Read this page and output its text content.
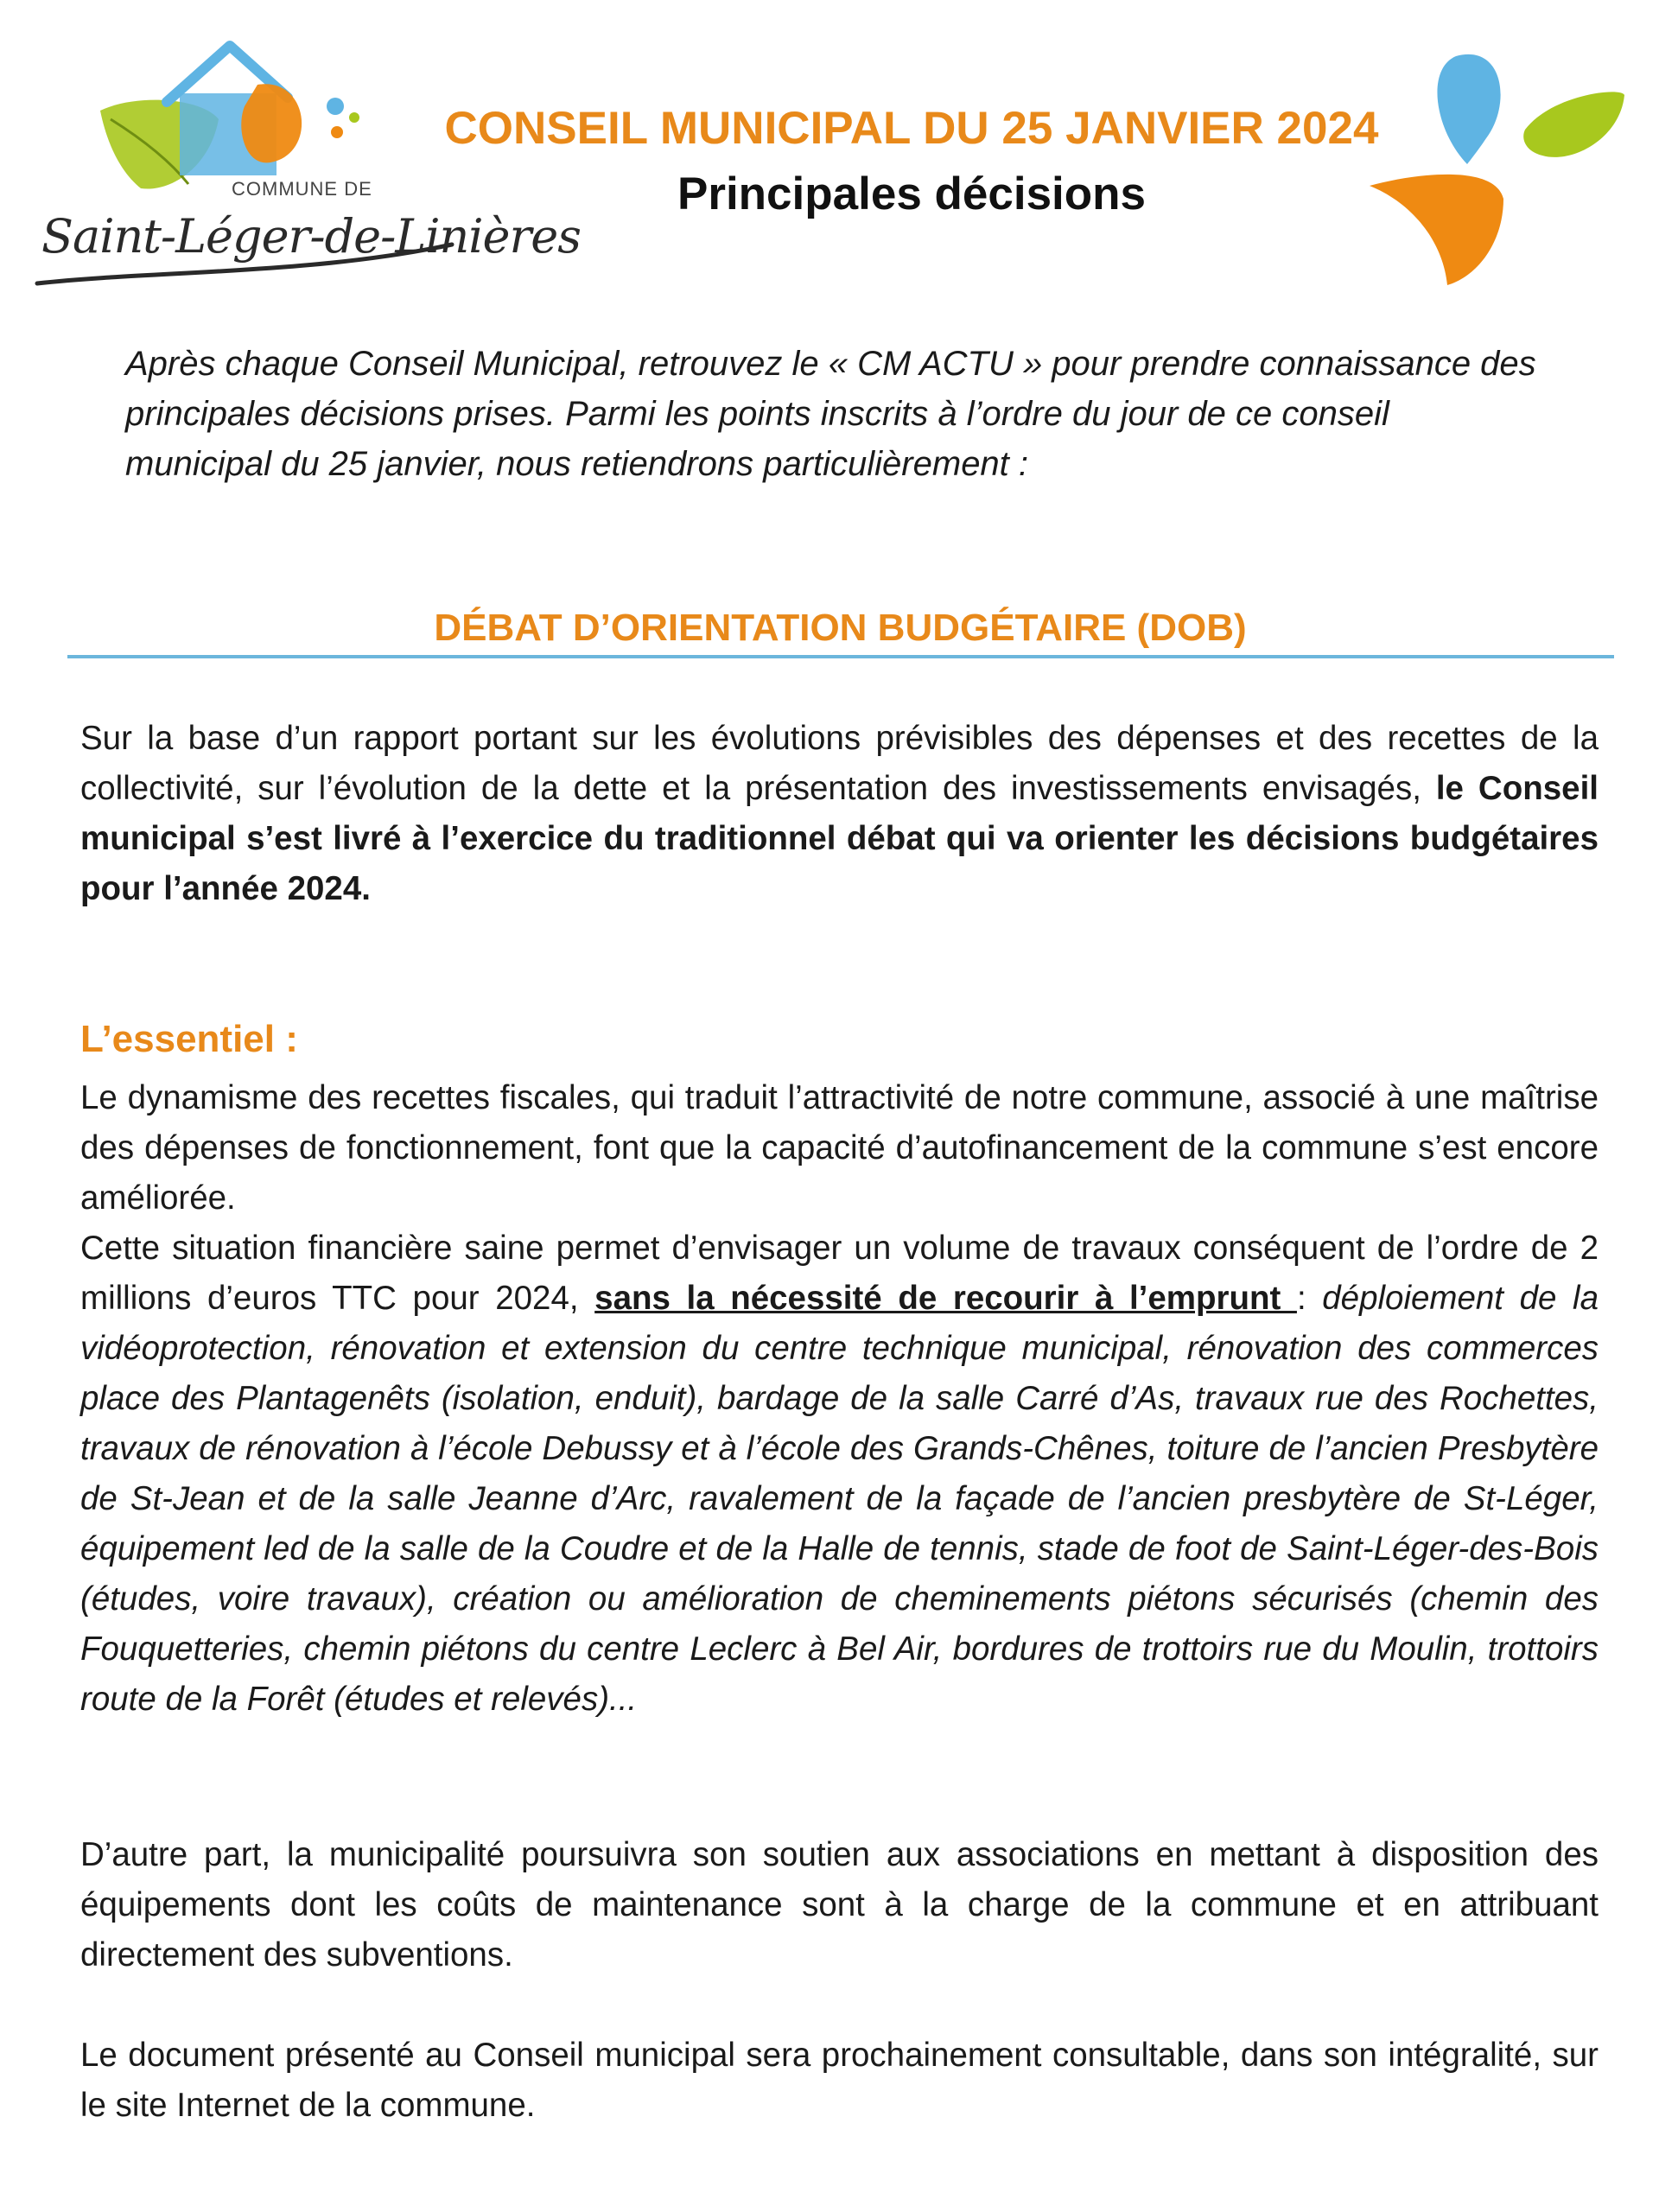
COMMUNE DE
Saint-Léger-de-Linières
CONSEIL MUNICIPAL DU 25 JANVIER 2024
Principales décisions
Après chaque Conseil Municipal, retrouvez le « CM ACTU » pour prendre connaissance des principales décisions prises. Parmi les points inscrits à l’ordre du jour de ce conseil municipal du 25 janvier, nous retiendrons particulièrement :
DÉBAT D’ORIENTATION BUDGÉTAIRE (DOB)
Sur la base d’un rapport portant sur les évolutions prévisibles des dépenses et des recettes de la collectivité, sur l’évolution de la dette et la présentation des investissements envisagés, le Conseil municipal s’est livré à l’exercice du traditionnel débat qui va orienter les décisions budgétaires pour l’année 2024.
L’essentiel :
Le dynamisme des recettes fiscales, qui traduit l’attractivité de notre commune, associé à une maîtrise des dépenses de fonctionnement, font que la capacité d’autofinancement de la commune s’est encore améliorée.
Cette situation financière saine permet d’envisager un volume de travaux conséquent de l’ordre de 2 millions d’euros TTC pour 2024, sans la nécessité de recourir à l’emprunt : déploiement de la vidéoprotection, rénovation et extension du centre technique municipal, rénovation des commerces place des Plantagenêts (isolation, enduit), bardage de la salle Carré d’As, travaux rue des Rochettes, travaux de rénovation à l’école Debussy et à l’école des Grands-Chênes, toiture de l’ancien Presbytère de St-Jean et de la salle Jeanne d’Arc, ravalement de la façade de l’ancien presbytère de St-Léger, équipement led de la salle de la Coudre et de la Halle de tennis, stade de foot de Saint-Léger-des-Bois (études, voire travaux), création ou amélioration de cheminements piétons sécurisés (chemin des Fouquetteries, chemin piétons du centre Leclerc à Bel Air, bordures de trottoirs rue du Moulin, trottoirs route de la Forêt (études et relevés)...
D’autre part, la municipalité poursuivra son soutien aux associations en mettant à disposition des équipements dont les coûts de maintenance sont à la charge de la commune et en attribuant directement des subventions.
Le document présenté au Conseil municipal sera prochainement consultable, dans son intégralité, sur le site Internet de la commune.
